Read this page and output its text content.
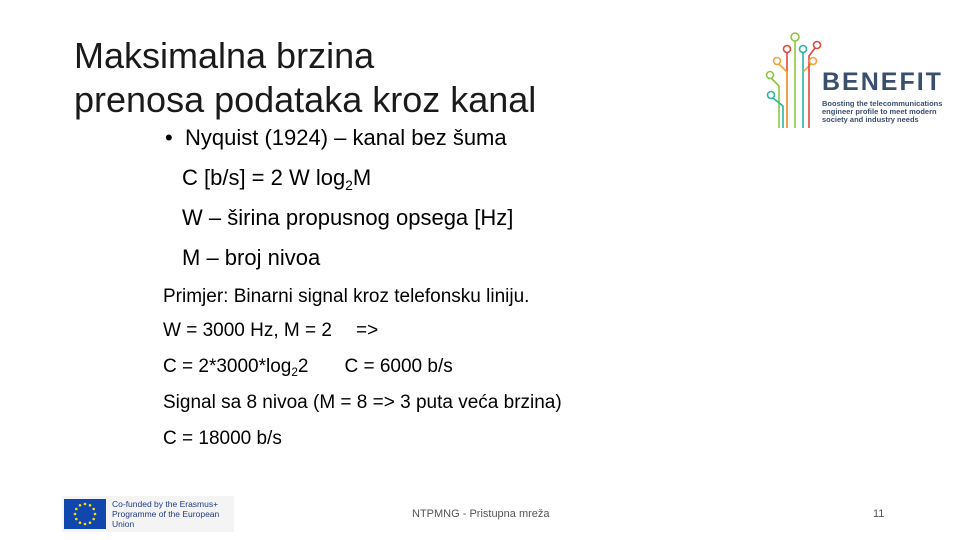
Maksimalna brzina
prenosa podataka kroz kanal
• Nyquist (1924) – kanal bez šuma
C [b/s] = 2 W $\log_2M$
W – širina propusnog opsega [Hz]
M – broj nivoa
Primjer: Binarni signal kroz telefonsku liniju.
W = 3000 Hz, M = 2 =>
$C = 2*3000*\log_22$ C = 6000 b/s
Signal sa 8 nivoa (M = 8 => 3 puta veća brzina)
C = 18000 b/s
BENEFIT
Boosting the telecommunications engineer profile to meet modern society and industry needs
Co-funded by the Erasmus+ Programme of the European Union
NTPMNG - Pristupna mreža	11
